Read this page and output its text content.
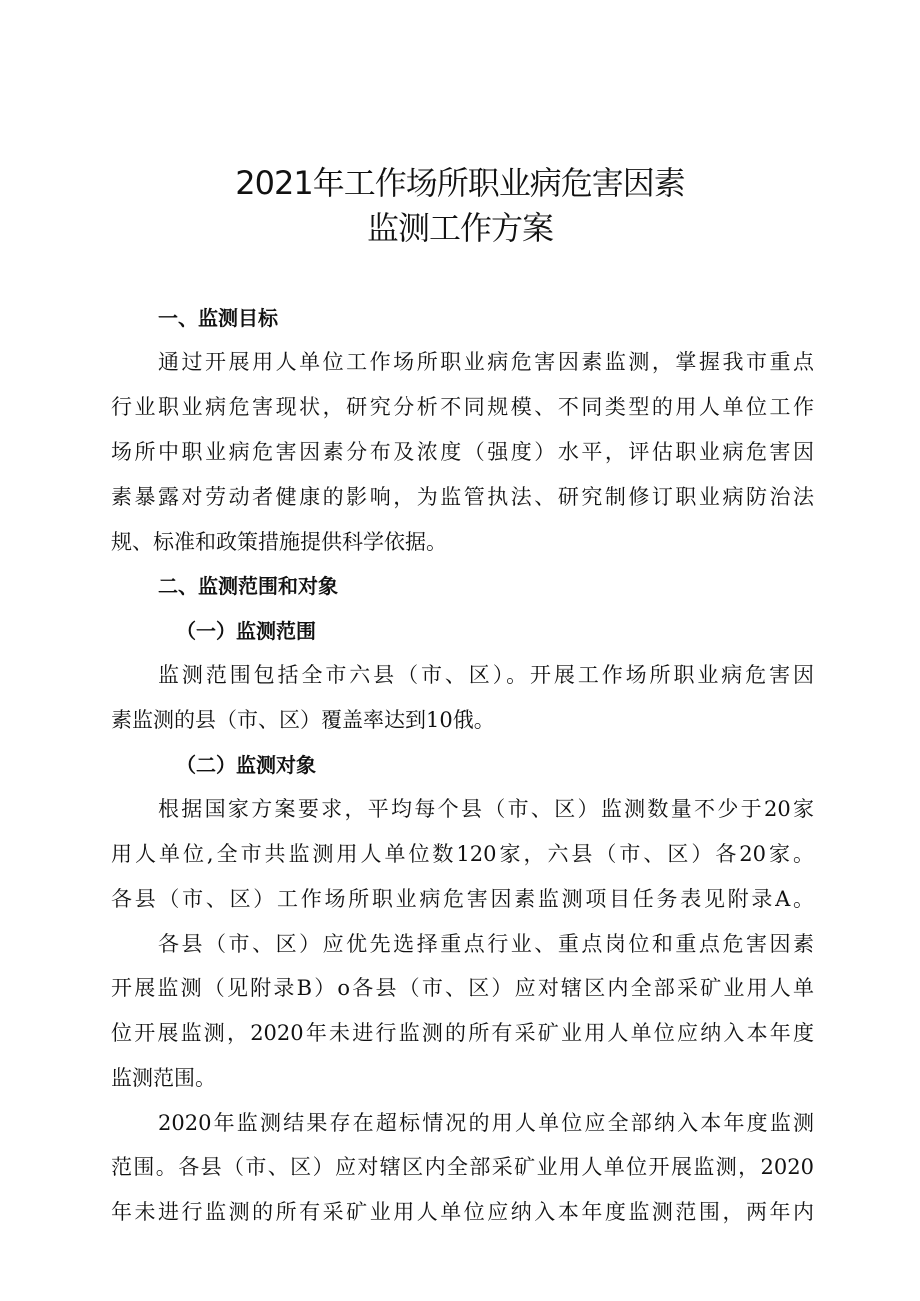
2021年工作场所职业病危害因素
监测工作方案
一、监测目标
通过开展用人单位工作场所职业病危害因素监测，掌握我市重点
行业职业病危害现状，研究分析不同规模、不同类型的用人单位工作
场所中职业病危害因素分布及浓度（强度）水平，评估职业病危害因
素暴露对劳动者健康的影响，为监管执法、研究制修订职业病防治法
规、标准和政策措施提供科学依据。
二、监测范围和对象
（一）监测范围
监测范围包括全市六县（市、区）。开展工作场所职业病危害因
素监测的县（市、区）覆盖率达到10俄。
（二）监测对象
根据国家方案要求，平均每个县（市、区）监测数量不少于20家
用人单位,全市共监测用人单位数120家，六县（市、区）各20家。
各县（市、区）工作场所职业病危害因素监测项目任务表见附录A。
各县（市、区）应优先选择重点行业、重点岗位和重点危害因素
开展监测（见附录B）o各县（市、区）应对辖区内全部采矿业用人单
位开展监测，2020年未进行监测的所有采矿业用人单位应纳入本年度
监测范围。
2020年监测结果存在超标情况的用人单位应全部纳入本年度监测
范围。各县（市、区）应对辖区内全部采矿业用人单位开展监测，2020
年未进行监测的所有采矿业用人单位应纳入本年度监测范围，两年内
